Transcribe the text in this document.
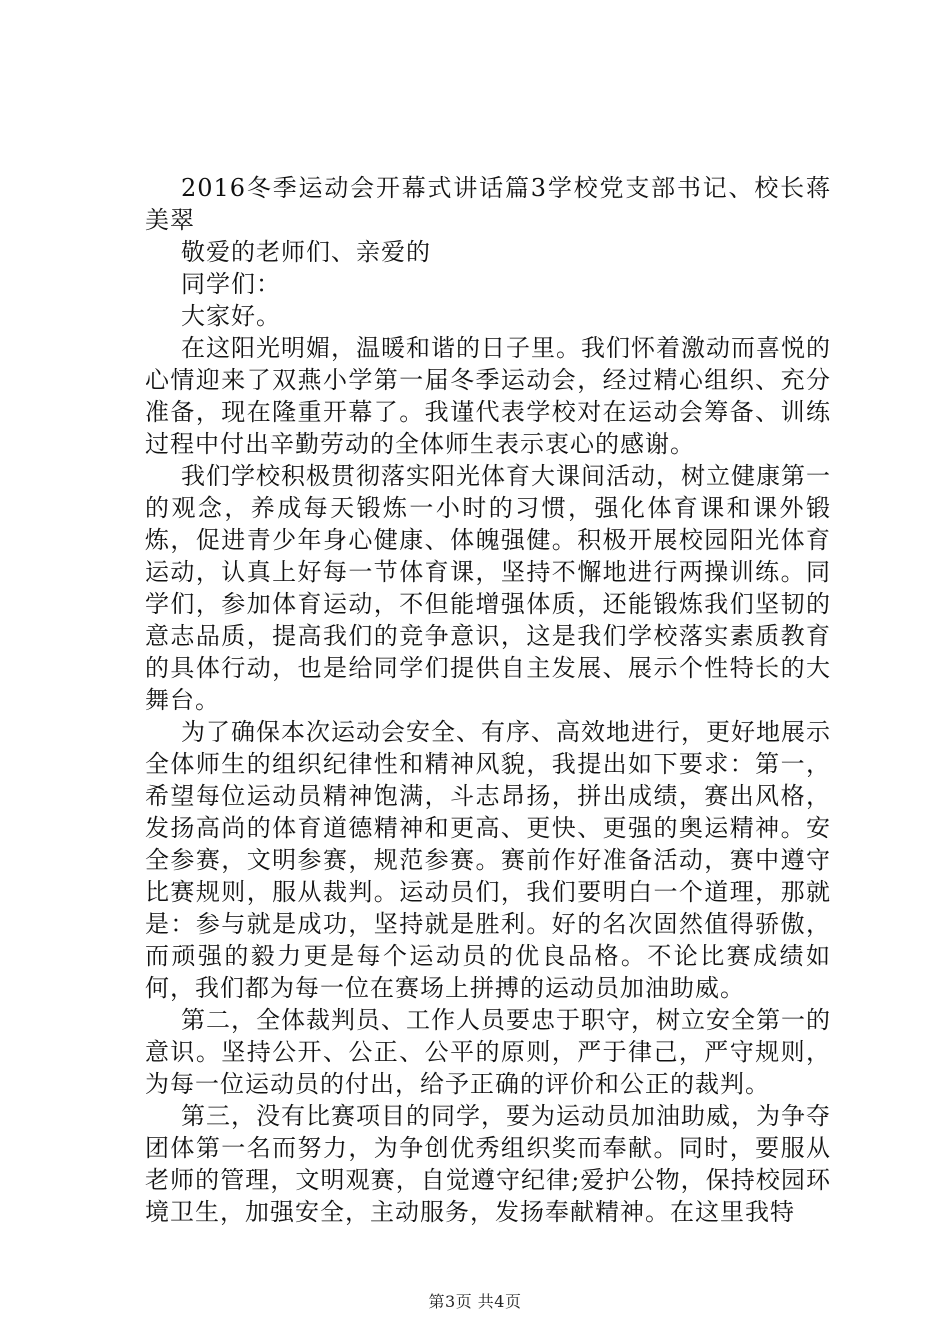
2016冬季运动会开幕式讲话篇3学校党支部书记、校长蒋美翠

敬爱的老师们、亲爱的

同学们：

大家好。

在这阳光明媚，温暖和谐的日子里。我们怀着激动而喜悦的心情迎来了双燕小学第一届冬季运动会，经过精心组织、充分准备，现在隆重开幕了。我谨代表学校对在运动会筹备、训练过程中付出辛勤劳动的全体师生表示衷心的感谢。

我们学校积极贯彻落实阳光体育大课间活动，树立健康第一的观念，养成每天锻炼一小时的习惯，强化体育课和课外锻炼，促进青少年身心健康、体魄强健。积极开展校园阳光体育运动，认真上好每一节体育课，坚持不懈地进行两操训练。同学们，参加体育运动，不但能增强体质，还能锻炼我们坚韧的意志品质，提高我们的竞争意识，这是我们学校落实素质教育的具体行动，也是给同学们提供自主发展、展示个性特长的大舞台。

为了确保本次运动会安全、有序、高效地进行，更好地展示全体师生的组织纪律性和精神风貌，我提出如下要求：第一，希望每位运动员精神饱满，斗志昂扬，拼出成绩，赛出风格，发扬高尚的体育道德精神和更高、更快、更强的奥运精神。安全参赛，文明参赛，规范参赛。赛前作好准备活动，赛中遵守比赛规则，服从裁判。运动员们，我们要明白一个道理，那就是：参与就是成功，坚持就是胜利。好的名次固然值得骄傲，而顽强的毅力更是每个运动员的优良品格。不论比赛成绩如何，我们都为每一位在赛场上拼搏的运动员加油助威。

第二，全体裁判员、工作人员要忠于职守，树立安全第一的意识。坚持公开、公正、公平的原则，严于律己，严守规则，为每一位运动员的付出，给予正确的评价和公正的裁判。

第三，没有比赛项目的同学，要为运动员加油助威，为争夺团体第一名而努力，为争创优秀组织奖而奉献。同时，要服从老师的管理，文明观赛，自觉遵守纪律;爱护公物，保持校园环境卫生，加强安全，主动服务，发扬奉献精神。在这里我特

第3页 共4页
